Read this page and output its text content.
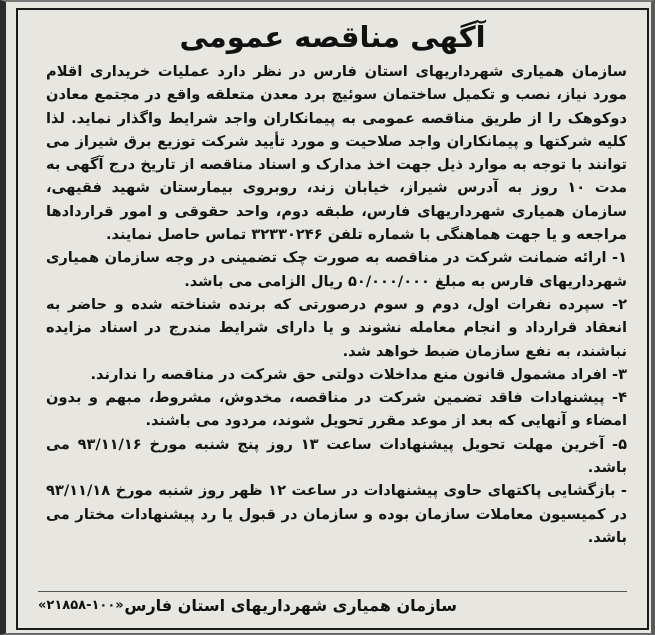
آگهی مناقصه عمومی

سازمان همیاری شهرداریهای استان فارس در نظر دارد عملیات خریداری اقلام مورد نیاز، نصب و تکمیل ساختمان سوئیچ برد معدن متعلقه واقع در مجتمع معادن دوکوهک را از طریق مناقصه عمومی به پیمانکاران واجد شرایط واگذار نماید. لذا کلیه شرکتها و پیمانکاران واجد صلاحیت و مورد تأیید شرکت توزیع برق شیراز می توانند با توجه به موارد ذیل جهت اخذ مدارک و اسناد مناقصه از تاریخ درج آگهی به مدت ۱۰ روز به آدرس شیراز، خیابان زند، روبروی بیمارستان شهید فقیهی، سازمان همیاری شهرداریهای فارس، طبقه دوم، واحد حقوقی و امور قراردادها مراجعه و یا جهت هماهنگی با شماره تلفن ۳۲۳۳۰۲۴۶ تماس حاصل نمایند.

۱- ارائه ضمانت شرکت در مناقصه به صورت چک تضمینی در وجه سازمان همیاری شهرداریهای فارس به مبلغ ۵۰/۰۰۰/۰۰۰ ریال الزامی می باشد.

۲- سپرده نفرات اول، دوم و سوم درصورتی که برنده شناخته شده و حاضر به انعقاد قرارداد و انجام معامله نشوند و یا دارای شرایط مندرج در اسناد مزایده نباشند، به نفع سازمان ضبط خواهد شد.

۳- افراد مشمول قانون منع مداخلات دولتی حق شرکت در مناقصه را ندارند.

۴- پیشنهادات فاقد تضمین شرکت در مناقصه، مخدوش، مشروط، مبهم و بدون امضاء و آنهایی که بعد از موعد مقرر تحویل شوند، مردود می باشند.

۵- آخرین مهلت تحویل پیشنهادات ساعت ۱۳ روز پنج شنبه مورخ ۹۳/۱۱/۱۶ می باشد.

- بازگشایی پاکتهای حاوی پیشنهادات در ساعت ۱۲ ظهر روز شنبه مورخ ۹۳/۱۱/۱۸ در کمیسیون معاملات سازمان بوده و سازمان در قبول یا رد پیشنهادات مختار می باشد.

سازمان همیاری شهرداریهای استان فارس
«۲۱۸۵۸-۱۰۰»
